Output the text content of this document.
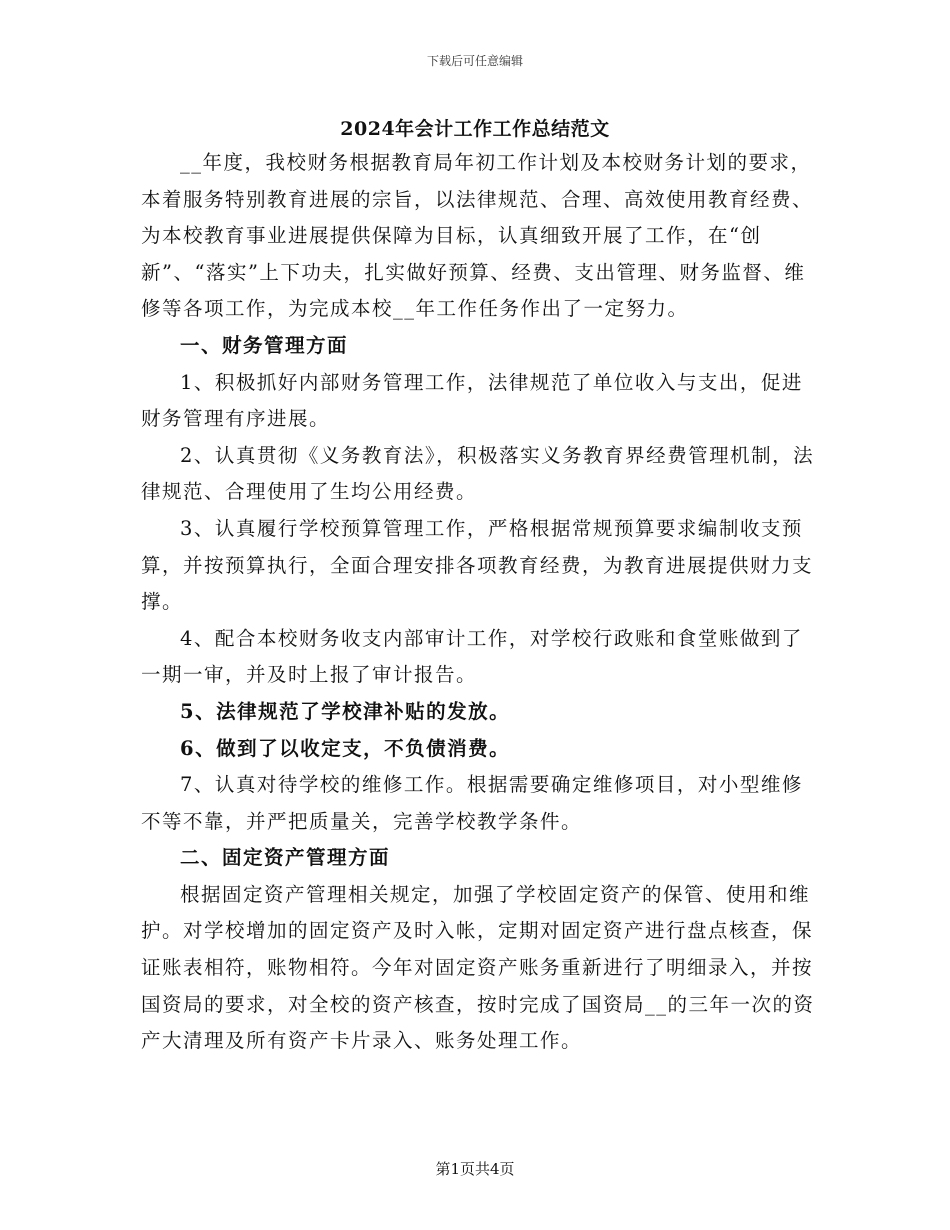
下载后可任意编辑
2024年会计工作工作总结范文

__年度，我校财务根据教育局年初工作计划及本校财务计划的要求，本着服务特别教育进展的宗旨，以法律规范、合理、高效使用教育经费、为本校教育事业进展提供保障为目标，认真细致开展了工作，在“创新”、“落实”上下功夫，扎实做好预算、经费、支出管理、财务监督、维修等各项工作，为完成本校__年工作任务作出了一定努力。

一、财务管理方面

1、积极抓好内部财务管理工作，法律规范了单位收入与支出，促进财务管理有序进展。

2、认真贯彻《义务教育法》，积极落实义务教育界经费管理机制，法律规范、合理使用了生均公用经费。

3、认真履行学校预算管理工作，严格根据常规预算要求编制收支预算，并按预算执行，全面合理安排各项教育经费，为教育进展提供财力支撑。

4、配合本校财务收支内部审计工作，对学校行政账和食堂账做到了一期一审，并及时上报了审计报告。

5、法律规范了学校津补贴的发放。

6、做到了以收定支，不负债消费。

7、认真对待学校的维修工作。根据需要确定维修项目，对小型维修不等不靠，并严把质量关，完善学校教学条件。

二、固定资产管理方面

根据固定资产管理相关规定，加强了学校固定资产的保管、使用和维护。对学校增加的固定资产及时入帐，定期对固定资产进行盘点核查，保证账表相符，账物相符。今年对固定资产账务重新进行了明细录入，并按国资局的要求，对全校的资产核查，按时完成了国资局__的三年一次的资产大清理及所有资产卡片录入、账务处理工作。

第1页共4页
